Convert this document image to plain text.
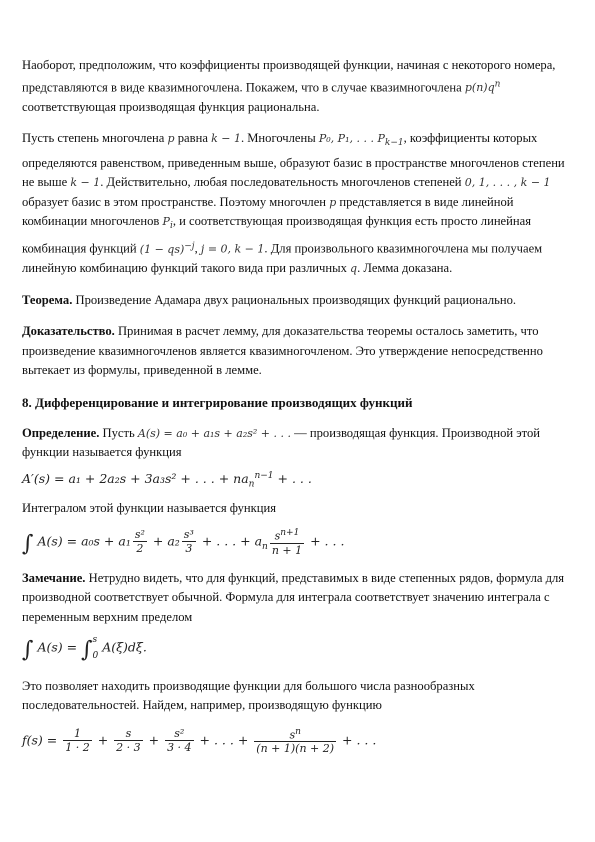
Наоборот, предположим, что коэффициенты производящей функции, начиная с некоторого номера, представляются в виде квазимногочлена. Покажем, что в случае квазимногочлена $p(n)q^n$ соответствующая производящая функция рациональна.

Пусть степень многочлена p равна k − 1. Многочлены P₀, P₁, . . . $P_{k-1}$, коэффициенты которых определяются равенством, приведенным выше, образуют базис в пространстве многочленов степени не выше k − 1. Действительно, любая последовательность многочленов степеней 0, 1, . . . , k − 1 образует базис в этом пространстве. Поэтому многочлен p представляется в виде линейной комбинации многочленов $P_i$, и соответствующая производящая функция есть просто линейная комбинация функций (1 − qs)$^{-j}$, j = 0, k − 1. Для произвольного квазимногочлена мы получаем линейную комбинацию функций такого вида при различных q. Лемма доказана.

Теорема. Произведение Адамара двух рациональных производящих функций рационально.

Доказательство. Принимая в расчет лемму, для доказательства теоремы осталось заметить, что произведение квазимногочленов является квазимногочленом. Это утверждение непосредственно вытекает из формулы, приведенной в лемме.

8. Дифференцирование и интегрирование производящих функций

Определение. Пусть A(s) = a₀ + a₁s + a₂s² + . . . — производящая функция. Производной этой функции называется функция

A′(s) = a₁ + 2a₂s + 3a₃s² + . . . + $na_n^{n-1}$ + . . .

Интегралом этой функции называется функция

∫ $A(s) = a_0s + a_1 \frac{\text{s²}}{2} + a_2 \frac{\text{s³}}{3}$ + . . . + $a_n \frac{s^{n+1}}{n + 1}$ + . . .

Замечание. Нетрудно видеть, что для функций, представимых в виде степенных рядов, формула для производной соответствует обычной. Формула для интеграла соответствует значению интеграла с переменным верхним пределом

∫ A(s) = ∫ s
0
A(ξ)dξ.

Это позволяет находить производящие функции для большого числа разнообразных последовательностей. Найдем, например, производящую функцию

$f(s) = \frac{1}{1 \cdot 2} + \frac{s}{2 \cdot 3} + \frac{\text{s²}}{3 \cdot 4}$ + . . . + $\frac{s^n}{(n + 1)(n + 2)}$ + . . .
